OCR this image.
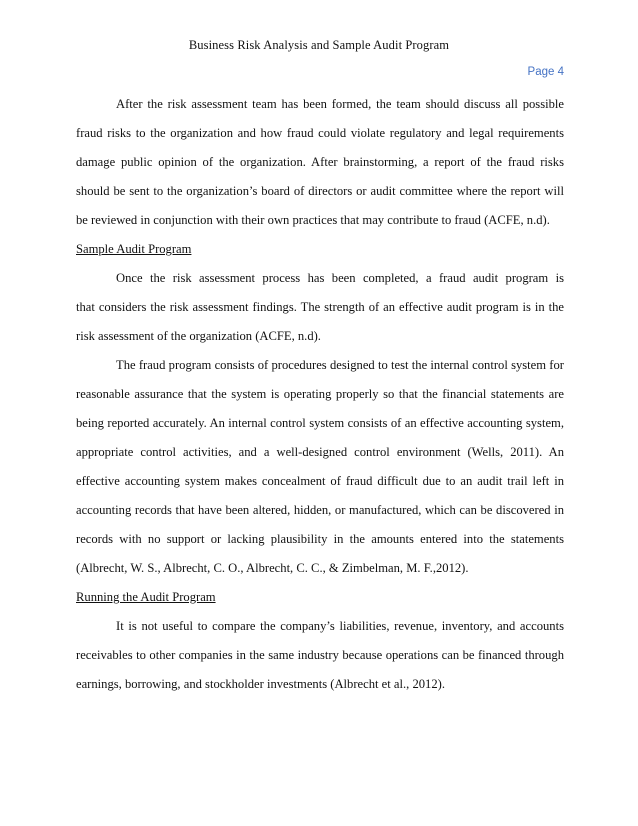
Business Risk Analysis and Sample Audit Program
Page 4
After the risk assessment team has been formed, the team should discuss all possible
fraud risks to the organization and how fraud could violate regulatory and legal requirements
damage public opinion of the organization. After brainstorming, a report of the fraud risks
should be sent to the organization’s board of directors or audit committee where the report will
be reviewed in conjunction with their own practices that may contribute to fraud (ACFE, n.d).
Sample Audit Program
Once the risk assessment process has been completed, a fraud audit program is
that considers the risk assessment findings. The strength of an effective audit program is in the
risk assessment of the organization (ACFE, n.d).
The fraud program consists of procedures designed to test the internal control system for
reasonable assurance that the system is operating properly so that the financial statements are
being reported accurately. An internal control system consists of an effective accounting system,
appropriate control activities, and a well-designed control environment (Wells, 2011). An
effective accounting system makes concealment of fraud difficult due to an audit trail left in
accounting records that have been altered, hidden, or manufactured, which can be discovered in
records with no support or lacking plausibility in the amounts entered into the statements
(Albrecht, W. S., Albrecht, C. O., Albrecht, C. C., & Zimbelman, M. F.,2012).
Running the Audit Program
It is not useful to compare the company’s liabilities, revenue, inventory, and accounts
receivables to other companies in the same industry because operations can be financed through
earnings, borrowing, and stockholder investments (Albrecht et al., 2012).
